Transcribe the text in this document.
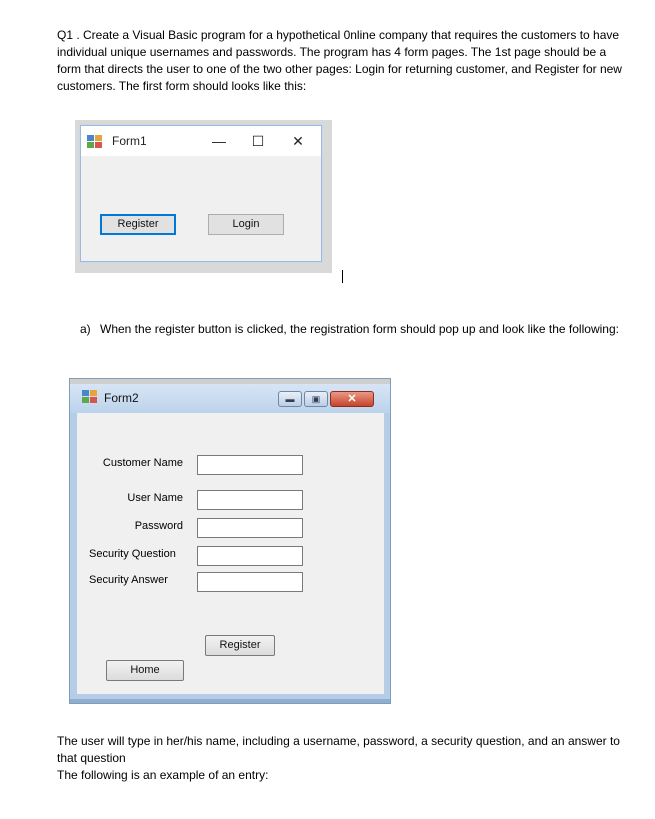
Q1 . Create a Visual Basic program for a hypothetical 0nline company that requires the customers to have individual unique usernames and passwords. The program has 4 form pages. The 1st page should be a form that directs the user to one of the two other pages: Login for returning customer, and Register for new customers. The first form should looks like this:

Form1	—	☐	✕
Register	Login
a) When the register button is clicked, the registration form should pop up and look like the following:
Form2	▬	▣	✕
Customer Name
User Name
Password
Security Question
Security Answer
Register
Home

The user will type in her/his name, including a username, password, a security question, and an answer to that question
The following is an example of an entry:
